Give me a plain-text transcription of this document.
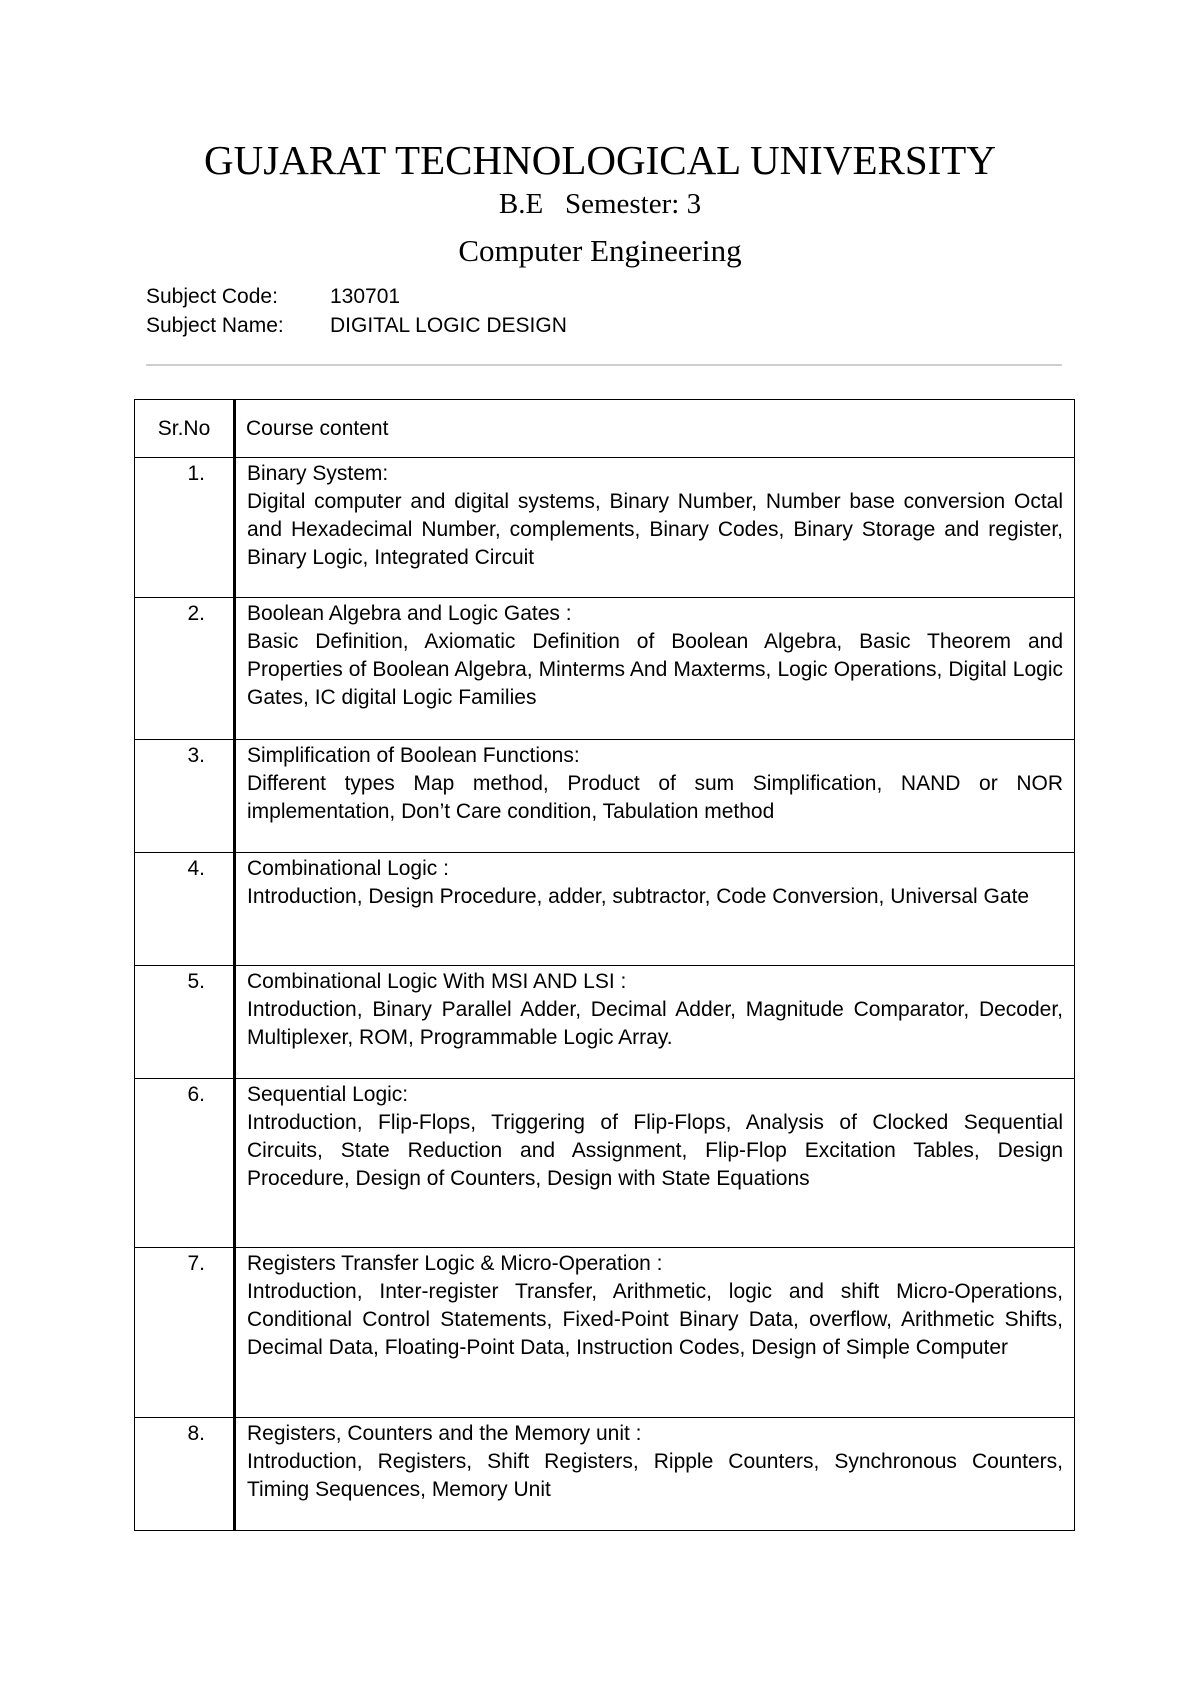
GUJARAT TECHNOLOGICAL UNIVERSITY
B.E   Semester: 3
Computer Engineering
Subject Code:	130701
Subject Name:	DIGITAL LOGIC DESIGN
Sr.No	Course content
1.	Binary System:
Digital computer and digital systems, Binary Number, Number base conversion Octal and Hexadecimal Number, complements, Binary Codes, Binary Storage and register, Binary Logic, Integrated Circuit

2.	Boolean Algebra and Logic Gates :
Basic Definition, Axiomatic Definition of Boolean Algebra, Basic Theorem and Properties of Boolean Algebra, Minterms And Maxterms, Logic Operations, Digital Logic Gates, IC digital Logic Families

3.	Simplification of Boolean Functions:
Different types Map method, Product of sum Simplification, NAND or NOR implementation, Don’t Care condition, Tabulation method

4.	Combinational Logic :
Introduction, Design Procedure, adder, subtractor, Code Conversion, Universal Gate

5.	Combinational Logic With MSI AND LSI :
Introduction, Binary Parallel Adder, Decimal Adder, Magnitude Comparator, Decoder, Multiplexer, ROM, Programmable Logic Array.

6.	Sequential Logic:
Introduction, Flip-Flops, Triggering of Flip-Flops, Analysis of Clocked Sequential Circuits, State Reduction and Assignment, Flip-Flop Excitation Tables, Design Procedure, Design of Counters, Design with State Equations

7.	Registers Transfer Logic & Micro-Operation :
Introduction, Inter-register Transfer, Arithmetic, logic and shift Micro-Operations, Conditional Control Statements, Fixed-Point Binary Data, overflow, Arithmetic Shifts, Decimal Data, Floating-Point Data, Instruction Codes, Design of Simple Computer

8.	Registers, Counters and the Memory unit :
Introduction, Registers, Shift Registers, Ripple Counters, Synchronous Counters, Timing Sequences, Memory Unit
